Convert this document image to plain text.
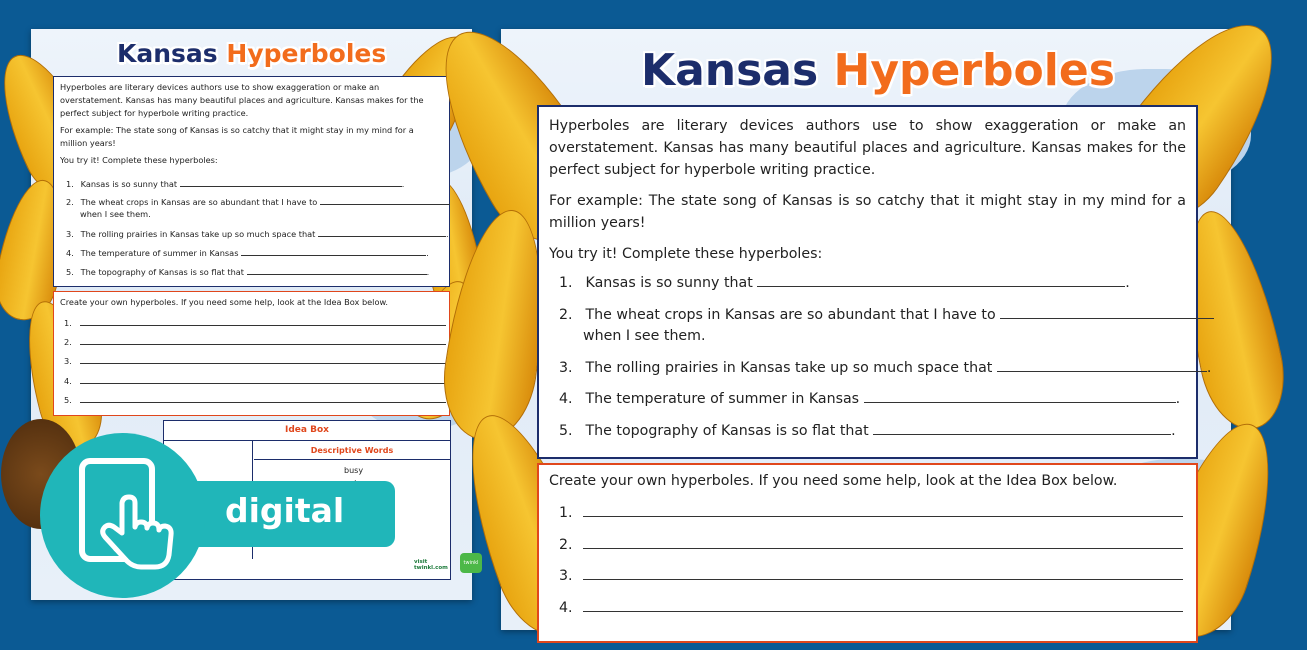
Kansas Hyperboles

Hyperboles are literary devices authors use to show exaggeration or make an overstatement. Kansas has many beautiful places and agriculture. Kansas makes for the perfect subject for hyperbole writing practice.

For example: The state song of Kansas is so catchy that it might stay in my mind for a million years!

You try it! Complete these hyperboles:

1. Kansas is so sunny that	.
2. The wheat crops in Kansas are so abundant that I have to
when I see them.
3. The rolling prairies in Kansas take up so much space that	.
4. The temperature of summer in Kansas	.
5. The topography of Kansas is so flat that	.

Create your own hyperboles. If you need some help, look at the Idea Box below.

1.
2.
3.
4.
5.
Idea Box
Descriptive Words
busy
visit twinkl.com
twinkl
digital
Kansas Hyperboles

Hyperboles are literary devices authors use to show exaggeration or make an overstatement. Kansas has many beautiful places and agriculture. Kansas makes for the perfect subject for hyperbole writing practice.

For example: The state song of Kansas is so catchy that it might stay in my mind for a million years!

You try it! Complete these hyperboles:

1. Kansas is so sunny that	.
2. The wheat crops in Kansas are so abundant that I have to
when I see them.
3. The rolling prairies in Kansas take up so much space that	.
4. The temperature of summer in Kansas	.
5. The topography of Kansas is so flat that	.

Create your own hyperboles. If you need some help, look at the Idea Box below.

1.
2.
3.
4.
